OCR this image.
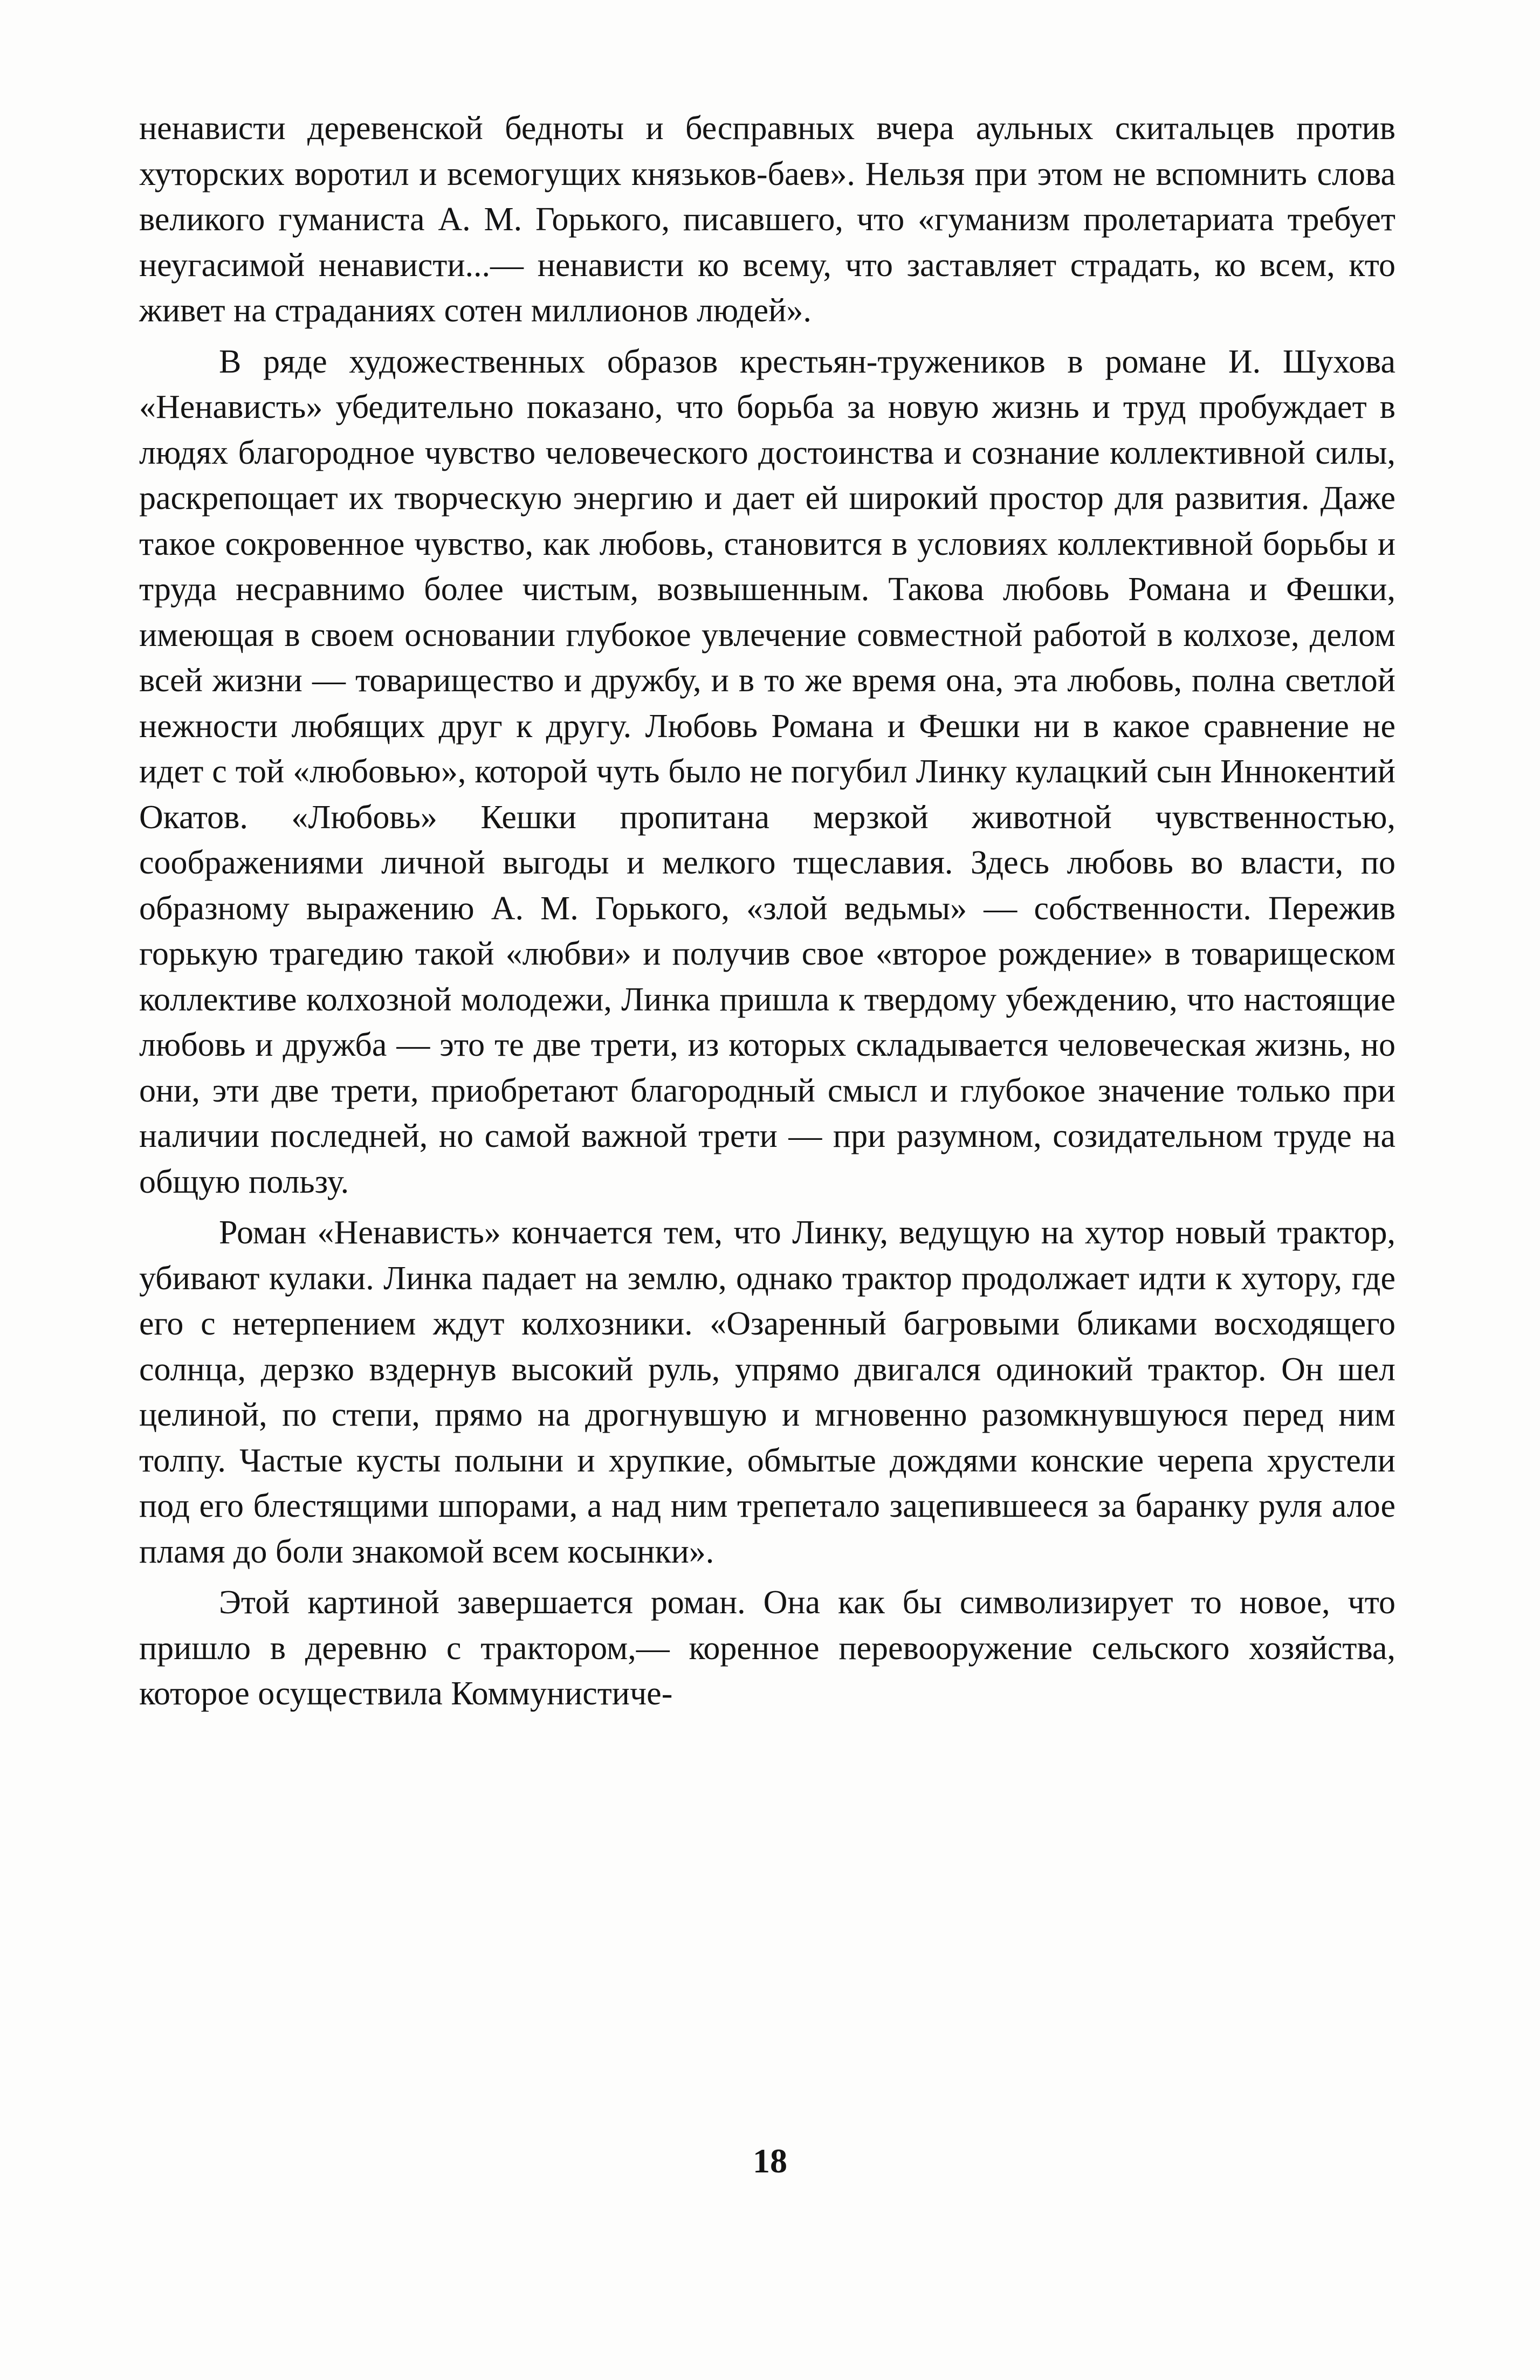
ненависти деревенской бедноты и бесправных вчера аульных скитальцев против хуторских воротил и всемогущих князьков-баев». Нельзя при этом не вспомнить слова великого гуманиста А. М. Горького, писавшего, что «гуманизм пролетариата требует неугасимой ненависти...— ненависти ко всему, что заставляет страдать, ко всем, кто живет на страданиях сотен миллионов людей».

В ряде художественных образов крестьян-тружеников в романе И. Шухова «Ненависть» убедительно показано, что борьба за новую жизнь и труд пробуждает в людях благородное чувство человеческого достоинства и сознание коллективной силы, раскрепощает их творческую энергию и дает ей широкий простор для развития. Даже такое сокровенное чувство, как любовь, становится в условиях коллективной борьбы и труда несравнимо более чистым, возвышенным. Такова любовь Романа и Фешки, имеющая в своем основании глубокое увлечение совместной работой в колхозе, делом всей жизни — товарищество и дружбу, и в то же время она, эта любовь, полна светлой нежности любящих друг к другу. Любовь Романа и Фешки ни в какое сравнение не идет с той «любовью», которой чуть было не погубил Линку кулацкий сын Иннокентий Окатов. «Любовь» Кешки пропитана мерзкой животной чувственностью, соображениями личной выгоды и мелкого тщеславия. Здесь любовь во власти, по образному выражению А. М. Горького, «злой ведьмы» — собственности. Пережив горькую трагедию такой «любви» и получив свое «второе рождение» в товарищеском коллективе колхозной молодежи, Линка пришла к твердому убеждению, что настоящие любовь и дружба — это те две трети, из которых складывается человеческая жизнь, но они, эти две трети, приобретают благородный смысл и глубокое значение только при наличии последней, но самой важной трети — при разумном, созидательном труде на общую пользу.

Роман «Ненависть» кончается тем, что Линку, ведущую на хутор новый трактор, убивают кулаки. Линка падает на землю, однако трактор продолжает идти к хутору, где его с нетерпением ждут колхозники. «Озаренный багровыми бликами восходящего солнца, дерзко вздернув высокий руль, упрямо двигался одинокий трактор. Он шел целиной, по степи, прямо на дрогнувшую и мгновенно разомкнувшуюся перед ним толпу. Частые кусты полыни и хрупкие, обмытые дождями конские черепа хрустели под его блестящими шпорами, а над ним трепетало зацепившееся за баранку руля алое пламя до боли знакомой всем косынки».

Этой картиной завершается роман. Она как бы символизирует то новое, что пришло в деревню с трактором,— коренное перевооружение сельского хозяйства, которое осуществила Коммунистиче-

18
